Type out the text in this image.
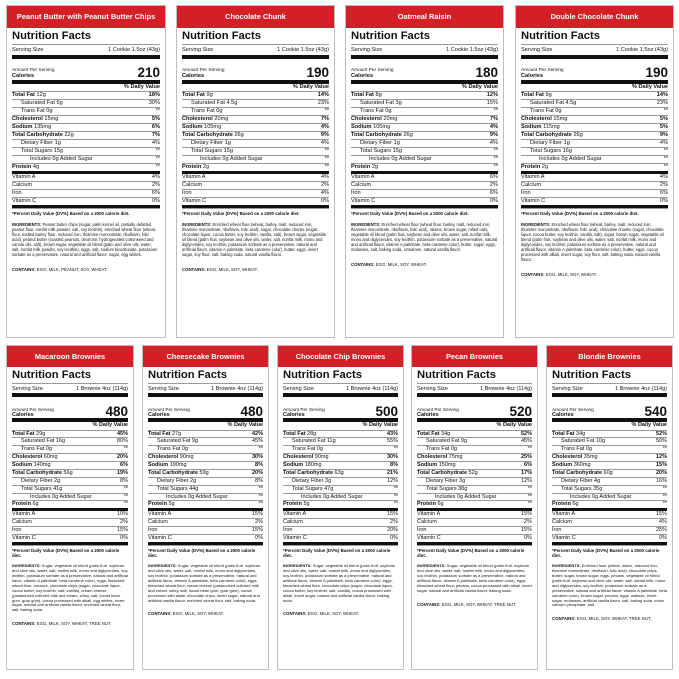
Peanut Butter with Peanut Butter Chips
Nutrition Facts
Serving Size	1 Cookie 1.5oz (43g)
Amount Per Serving
Calories	210
% Daily Value
Total Fat 12g	18%
Saturated Fat 6g	30%
Trans Fat 0g	**
Cholesterol 15mg	5%
Sodium 135mg	6%
Total Carbohydrate 22g	7%
Dietary Fiber 1g	4%
Total Sugars 15g	**
Includes 0g Added Sugar	**
Protein 4g	**
Vitamin A	4%
Calcium	2%
Iron	6%
Vitamin C	0%
*Percent Daily Value (DV%) Based on a 2000 calorie diet.
INGREDIENTS: Peanut butter chips (sugar, palm kernel oil, partially defatted peanut flour, nonfat milk powder, salt, soy lecithin), enriched wheat flour (wheat, flour, malted barley flour, reduced iron, thiamine mononitrate, riboflavin, folic acid), peanut butter (roasted peanuts, dextrose, hydrogenated cottonseed and canola oils, salt), brown sugar, vegetable oil blend (palm and olive oils, water, salt, nonfat milk powder, soy lecithin), eggs, salt, sodium bicarbonate, potassium sorbate as a preservative, natural and artificial flavor, sugar, egg whites.
CONTAINS: EGG, MILK, PEANUT, SOY, WHEAT.
Chocolate Chunk
Nutrition Facts
Serving Size	1 Cookie 1.5oz (43g)
Amount Per Serving
Calories	190
% Daily Value
Total Fat 9g	14%
Saturated Fat 4.5g	23%
Trans Fat 0g	**
Cholesterol 20mg	7%
Sodium 105mg	4%
Total Carbohydrate 26g	9%
Dietary Fiber 1g	4%
Total Sugars 15g	**
Includes 0g Added Sugar	**
Protein 2g	**
Vitamin A	4%
Calcium	2%
Iron	4%
Vitamin C	0%
*Percent Daily Value (DV%) Based on a 2000 calorie diet.
INGREDIENTS: Enriched wheat flour (wheat, barley, malt, reduced iron, thiamine mononitrate, riboflavin, folic acid), sugar, chocolate chunks (sugar, chocolate liquor, cocoa butter, soy lecithin, vanilla, salt), brown sugar, vegetable oil blend (palm fruit, soybean and olive oils, water, salt, nonfat milk, mono and diglycerides, soy lecithin, potassium sorbate as a preservative, natural and artificial flavor, vitamin A palmitate, beta carotene color), butter, eggs, invert sugar, soy flour, salt, baking soda, natural vanilla flavor.
CONTAINS: EGG, MILK, SOY, WHEAT.
Oatmeal Raisin
Nutrition Facts
Serving Size	1 Cookie 1.5oz (43g)
Amount Per Serving
Calories	180
% Daily Value
Total Fat 8g	12%
Saturated Fat 3g	15%
Trans Fat 0g	**
Cholesterol 20mg	7%
Sodium 105mg	4%
Total Carbohydrate 26g	9%
Dietary Fiber 1g	4%
Total Sugars 15g	**
Includes 0g Added Sugar	**
Protein 2g	**
Vitamin A	6%
Calcium	2%
Iron	6%
Vitamin C	0%
*Percent Daily Value (DV%) Based on a 2000 calorie diet.
INGREDIENTS: Enriched wheat flour (wheat flour, barley, malt, reduced iron, thiamine mononitrate, riboflavin, folic acid), raisins, brown sugar, rolled oats, vegetable oil blend (palm fruit, soybean and olive oils, water, salt, nonfat milk, mono and diglycerides, soy lecithin, potassium sorbate as a preservative, natural and artificial flavor, vitamin A palmitate, beta carotene color), butter, sugar, eggs, molasses, salt, baking soda, cinnamon, natural vanilla flavor.
CONTAINS: EGG, MILK, SOY, WHEAT.
Double Chocolate Chunk
Nutrition Facts
Serving Size	1 Cookie 1.5oz (43g)
Amount Per Serving
Calories	190
% Daily Value
Total Fat 9g	14%
Saturated Fat 4.5g	23%
Trans Fat 0g	**
Cholesterol 15mg	5%
Sodium 115mg	5%
Total Carbohydrate 26g	9%
Dietary Fiber 1g	4%
Total Sugars 16g	**
Includes 0g Added Sugar	**
Protein 2g	**
Vitamin A	4%
Calcium	2%
Iron	6%
Vitamin C	0%
*Percent Daily Value (DV%) Based on a 2000 calorie diet.
INGREDIENTS: Enriched wheat flour (wheat, barley, malt, reduced iron, thiamine mononitrate, riboflavin, folic acid), chocolate chunks (sugar, chocolate liquor, cocoa butter, soy lecithin, vanilla, salt), sugar, brown sugar, vegetable oil blend (palm fruit, soybean and olive oils, water, salt, nonfat milk, mono and diglycerides, soy lecithin, potassium sorbate as a preservative, natural and artificial flavor, vitamin A palmitate, beta carotene color), butter, eggs, cocoa processed with alkali, invert sugar, soy flour, salt, baking soda, natural vanilla flavor.
CONTAINS: EGG, MILK, SOY, WHEAT.
Macaroon Brownies
Nutrition Facts
Serving Size	1 Brownie 4oz (114g)
Amount Per Serving
Calories	480
% Daily Value
Total Fat 29g	45%
Saturated Fat 16g	80%
Trans Fat 0g	**
Cholesterol 60mg	20%
Sodium 140mg	6%
Total Carbohydrate 56g	19%
Dietary Fiber 2g	8%
Total Sugars 41g	**
Includes 0g Added Sugar	**
Protein 6g	**
Vitamin A	10%
Calcium	2%
Iron	15%
Vitamin C	0%
*Percent Daily Value (DV%) Based on a 2000 calorie diet.
INGREDIENTS: Sugar, vegetable oil blend (palm fruit, soybean and olive oils, water, salt, nonfat milk, mono and diglycerides, soy lecithin, potassium sorbate as a preservative, natural and artificial flavor, vitamin A palmitate, beta carotene color), eggs, bleached wheat flour, coconut, chocolate chips (sugar, chocolate liquor, cocoa butter, soy lecithin, salt, vanilla), cream cheese (pasteurized cultured milk and cream, whey, salt, locust bean gum, guar gum), cocoa processed with alkali, egg whites, invert sugar, natural and artificial vanilla flavor, enriched wheat flour, salt, baking soda.
CONTAINS: EGG, MILK, SOY, WHEAT, TREE NUT.
Cheesecake Brownies
Nutrition Facts
Serving Size	1 Brownie 4oz (114g)
Amount Per Serving
Calories	480
% Daily Value
Total Fat 27g	42%
Saturated Fat 9g	45%
Trans Fat 0g	**
Cholesterol 90mg	30%
Sodium 190mg	8%
Total Carbohydrate 59g	20%
Dietary Fiber 2g	8%
Total Sugars 44g	**
Includes 0g Added Sugar	**
Protein 5g	**
Vitamin A	15%
Calcium	2%
Iron	15%
Vitamin C	0%
*Percent Daily Value (DV%) Based on a 2000 calorie diet.
INGREDIENTS: Sugar, vegetable oil blend (palm fruit, soybean and olive oils, water, salt, nonfat milk, mono and diglycerides, soy lecithin, potassium sorbate as a preservative, natural and artificial flavor, vitamin A palmitate, beta carotene color), eggs, bleached wheat flour, cream cheese (pasteurized cultured milk and cream, whey, salt, locust bean gum, guar gum), cocoa processed with alkali, chocolate chips, invert sugar, natural and artificial vanilla flavor, enriched wheat flour, salt, baking soda.
CONTAINS: EGG, MILK, SOY, WHEAT.
Chocolate Chip Brownies
Nutrition Facts
Serving Size	1 Brownie 4oz (114g)
Amount Per Serving
Calories	500
% Daily Value
Total Fat 28g	43%
Saturated Fat 11g	55%
Trans Fat 0g	**
Cholesterol 90mg	30%
Sodium 180mg	8%
Total Carbohydrate 63g	21%
Dietary Fiber 3g	12%
Total Sugars 47g	**
Includes 0g Added Sugar	**
Protein 5g	**
Vitamin A	15%
Calcium	2%
Iron	20%
Vitamin C	0%
*Percent Daily Value (DV%) Based on a 2000 calorie diet.
INGREDIENTS: Sugar, vegetable oil blend (palm fruit, soybean and olive oils, water, salt, nonfat milk, mono and diglycerides, soy lecithin, potassium sorbate as a preservative, natural and artificial flavor, vitamin A palmitate, beta carotene color), eggs, bleached wheat flour, chocolate chips (sugar, chocolate liquor, cocoa butter, soy lecithin, salt, vanilla), cocoa processed with alkali, invert sugar, natural and artificial vanilla flavor, baking soda.
CONTAINS: EGG, MILK, SOY, WHEAT.
Pecan Brownies
Nutrition Facts
Serving Size	1 Brownie 4oz (114g)
Amount Per Serving
Calories	520
% Daily Value
Total Fat 34g	52%
Saturated Fat 9g	45%
Trans Fat 0g	**
Cholesterol 75mg	25%
Sodium 150mg	6%
Total Carbohydrate 52g	17%
Dietary Fiber 3g	12%
Total Sugars 38g	**
Includes 0g Added Sugar	**
Protein 6g	**
Vitamin A	15%
Calcium	2%
Iron	15%
Vitamin C	0%
*Percent Daily Value (DV%) Based on a 2000 calorie diet.
INGREDIENTS: Sugar, vegetable oil blend (palm fruit, soybean and olive oils, water, salt, nonfat milk, mono and diglycerides, soy lecithin, potassium sorbate as a preservative, natural and artificial flavor, vitamin A palmitate, beta carotene color), eggs, bleached wheat flour, pecans, cocoa processed with alkali, invert sugar, natural and artificial vanilla flavor, baking soda.
CONTAINS: EGG, MILK, SOY, WHEAT, TREE NUT.
Blondie Brownies
Nutrition Facts
Serving Size	1 Brownie 4oz (114g)
Amount Per Serving
Calories	540
% Daily Value
Total Fat 34g	52%
Saturated Fat 10g	50%
Trans Fat 0g	**
Cholesterol 35mg	12%
Sodium 360mg	15%
Total Carbohydrate 60g	20%
Dietary Fiber 4g	16%
Total Sugars 35g	**
Includes 0g Added Sugar	**
Protein 6g	**
Vitamin A	15%
Calcium	4%
Iron	25%
Vitamin C	0%
*Percent Daily Value (DV%) Based on a 2000 calorie diet.
INGREDIENTS: Enriched flour (wheat, niacin, reduced iron, thiamine mononitrate, riboflavin, folic acid), chocolate chips, butter, sugar, brown sugar, eggs, pecans, vegetable oil blend (palm fruit, soybean and olive oils, water, salt, nonfat milk, mono and diglycerides, soy lecithin, potassium sorbate as a preservative, natural and artificial flavor, vitamin A palmitate, beta carotene color), brown sugar, pecans, eggs, walnuts, invert sugar, molasses, artificial vanilla flavor, salt, baking soda, mono calcium phosphate, salt.
CONTAINS: EGG, MILK, SOY, WHEAT, TREE NUT.
